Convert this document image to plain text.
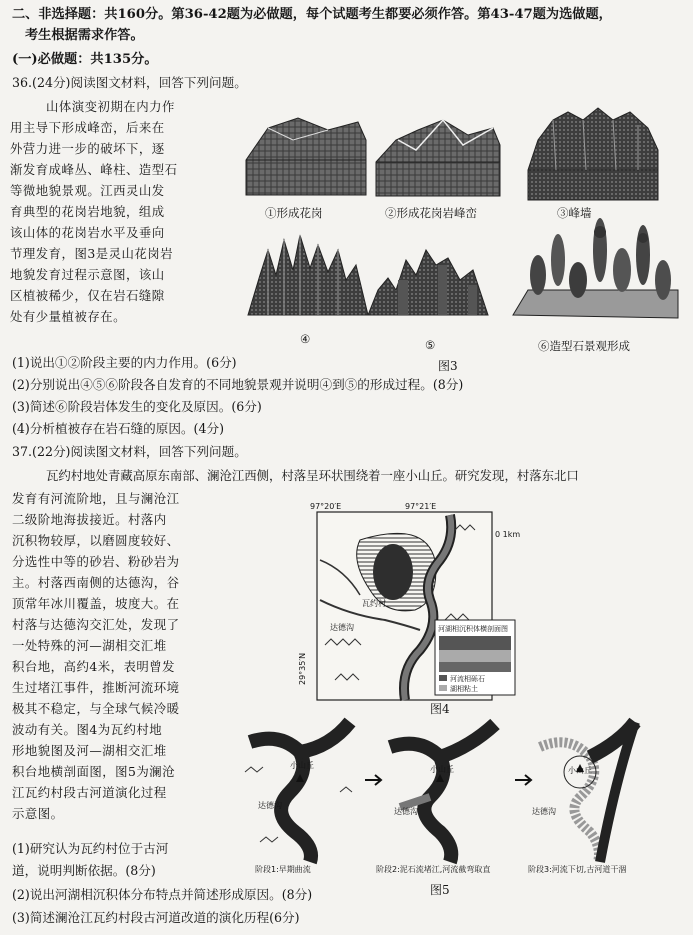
二、非选择题：共160分。第36-42题为必做题，每个试题考生都要必须作答。第43-47题为选做题，
考生根据需求作答。
(一)必做题：共135分。
36.(24分)阅读图文材料，回答下列问题。
山体演变初期在内力作
用主导下形成峰峦，后来在
外营力进一步的破坏下，逐
渐发育成峰丛、峰柱、造型石
等微地貌景观。江西灵山发
育典型的花岗岩地貌，组成
该山体的花岗岩水平及垂向
节理发育，图3是灵山花岗岩
地貌发育过程示意图，该山
区植被稀少，仅在岩石缝隙
处有少量植被存在。
①形成花岗	②形成花岗岩峰峦	③峰墙
④	⑤	⑥造型石景观形成
图3
(1)说出①②阶段主要的内力作用。(6分)
(2)分别说出④⑤⑥阶段各自发育的不同地貌景观并说明④到⑤的形成过程。(8分)
(3)简述⑥阶段岩体发生的变化及原因。(6分)
(4)分析植被存在岩石缝的原因。(4分)
37.(22分)阅读图文材料，回答下列问题。
瓦约村地处青藏高原东南部、澜沧江西侧，村落呈环状围绕着一座小山丘。研究发现，村落东北口
发育有河流阶地，且与澜沧江
二级阶地海拔接近。村落内
沉积物较厚，以磨圆度较好、
分选性中等的砂岩、粉砂岩为
主。村落西南侧的达德沟，谷
顶常年冰川覆盖，坡度大。在
村落与达德沟交汇处，发现了
一处特殊的河—湖相交汇堆
积台地，高约4米，表明曾发
生过堵江事件，推断河流环境
极其不稳定，与全球气候冷暖
波动有关。图4为瓦约村地
形地貌图及河—湖相交汇堆
积台地横剖面图，图5为澜沧
江瓦约村段古河道演化过程
示意图。
97°20′E	97°21′E
29°35′N
0 1km
瓦约村
达德沟	河湖相沉积体横剖面图
河流相砾石
湖相粘土
图4
小山丘	小山丘	小山丘
达德沟
达德沟	达德沟
阶段1:早期曲流	阶段2:泥石流堵江,河流截弯取直	阶段3:河流下切,古河道干涸
图5
(1)研究认为瓦约村位于古河
道，说明判断依据。(8分)
(2)说出河湖相沉积体分布特点并简述形成原因。(8分)
(3)简述澜沧江瓦约村段古河道改道的演化历程(6分)
